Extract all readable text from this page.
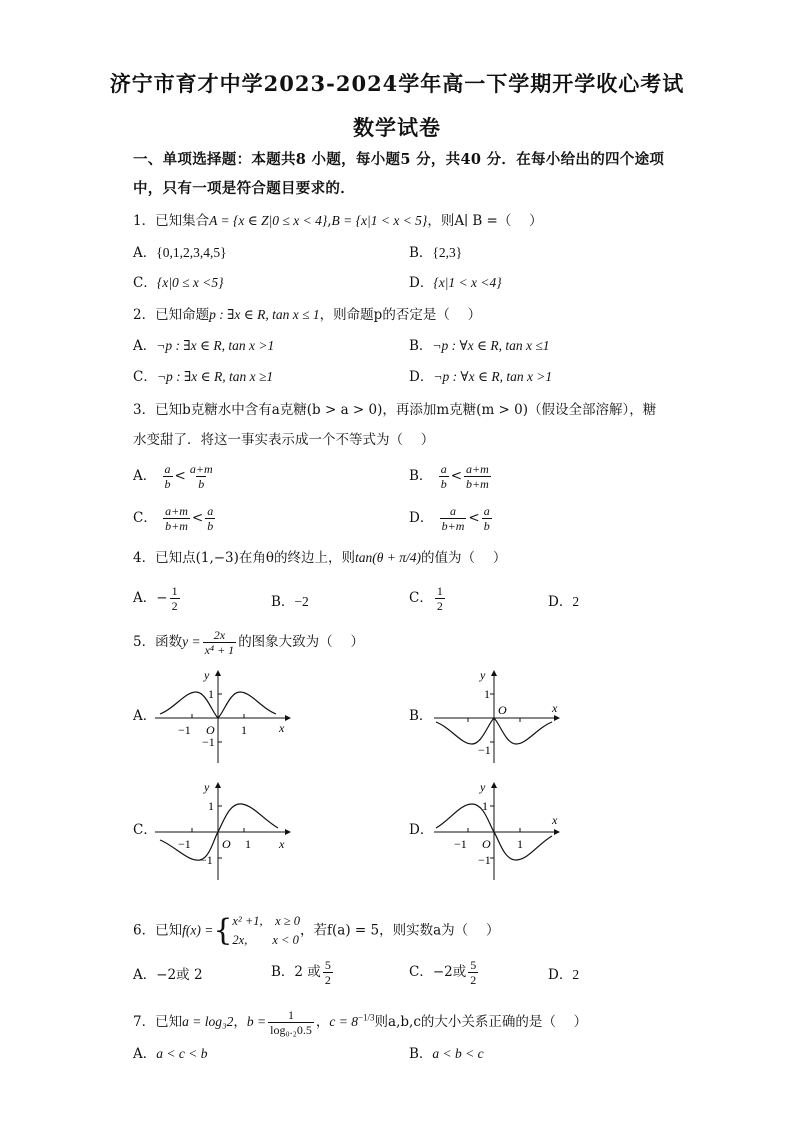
济宁市育才中学2023-2024学年高一下学期开学收心考试
数学试卷
一、单项选择题：本题共8 小题，每小题5 分，共40 分．在每小给出的四个途项中，只有一项是符合题目要求的．
1．已知集合A = {x ∈ Z|0 ≤ x < 4},B = {x|1 < x < 5}，则A∣ B =（　 ）
A．{0,1,2,3,4,5}	B．{2,3}
C．{x|0 ≤ x <5}	D．{x|1 < x <4}
2．已知命题p : ∃x ∈ R, tan x ≤ 1，则命题p的否定是（　 ）
A．¬p : ∃x ∈ R, tan x >1	B．¬p : ∀x ∈ R, tan x ≤1
C．¬p : ∃x ∈ R, tan x ≥1	D．¬p : ∀x ∈ R, tan x >1
3．已知b克糖水中含有a克糖(b > a > 0)，再添加m克糖(m > 0)（假设全部溶解），糖
水变甜了．将这一事实表示成一个不等式为（　 ）
A． $\frac{a}{b} < \frac{a+m}{b}$	B． $\frac{a}{b} < \frac{a+m}{b+m}$
C． $\frac{a+m}{b+m} < \frac{a}{b}$	D． $\frac{a}{b+m} < \frac{a}{b}$
4．已知点(1,−3)在角θ的终边上，则tan(θ + π/4)的值为（　 ）
A．− $\frac{1}{2}$	B．−2	C． $\frac{1}{2}$	D．2
5．函数$y = \frac{2x}{\text{x⁴ + 1}}$ 的图象大致为（　 ）
A．	B．
C．	D．
y
x
O
−1	1
1
−1
y
x
O
1
−1
y
x
O
−1	1
1
−1
y
x
O
−1	1
1
−1
6．已知f(x) ={x² +1,　x ≥ 0
2x,　　x < 0，若f(a) = 5，则实数a为（　 ）
A．−2或 2	B．2 或 $\frac{5}{2}$	C．−2或 $\frac{5}{2}$	D．2
7．已知a = log₃2，$b = \frac{1}{\text{log₀.₂0.5}}$ ，$c = 8^{-1/3}$则a,b,c的大小关系正确的是（　 ）
A．a < c < b	B．a < b < c
